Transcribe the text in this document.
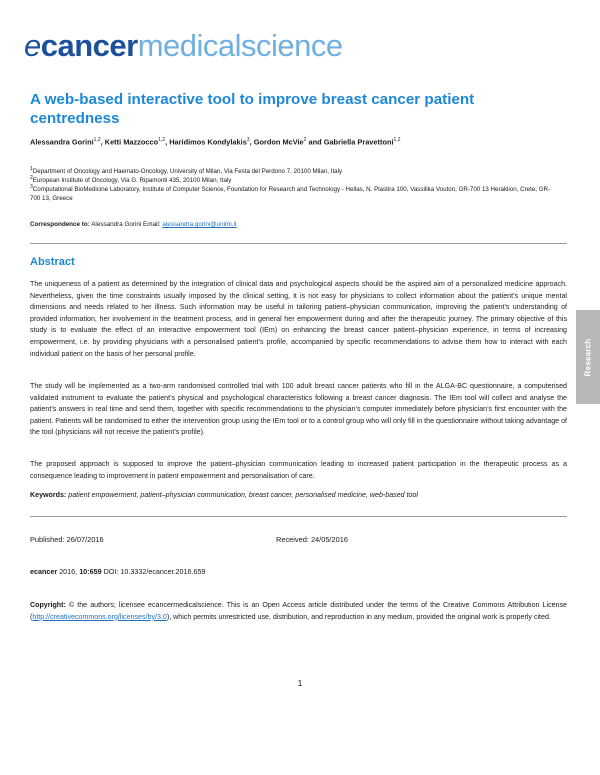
ecancermedicalscience
A web-based interactive tool to improve breast cancer patient centredness
Alessandra Gorini$^{1,2}$, Ketti Mazzocco$^{1,2}$, Haridimos Kondylakis$^3$, Gordon McVie$^2$ and Gabriella Pravettoni$^{1,2}$
$^1$Department of Oncology and Haemato-Oncology, University of Milan, Via Festa del Perdono 7, 20100 Milan, Italy
$^2$European Institute of Oncology, Via G. Ripamonti 435, 20100 Milan, Italy
$^3$Computational BioMedicine Laboratory, Institute of Computer Science, Foundation for Research and Technology - Hellas, N. Plastira 100, Vassilika Vouton, GR-700 13 Heraklion, Crete, GR-700 13, Greece
Correspondence to: Alessandra Gorini Email: alessandra.gorini@unimi.it
Abstract
The uniqueness of a patient as determined by the integration of clinical data and psychological aspects should be the aspired aim of a personalized medicine approach. Nevertheless, given the time constraints usually imposed by the clinical setting, it is not easy for physicians to collect information about the patient’s unique mental dimensions and needs related to her illness. Such information may be useful in tailoring patient–physician communication, improving the patient’s understanding of provided information, her involvement in the treatment process, and in general her empowerment during and after the therapeutic journey. The primary objective of this study is to evaluate the effect of an interactive empowerment tool (IEm) on enhancing the breast cancer patient–physician experience, in terms of increasing empowerment, i.e. by providing physicians with a personalised patient’s profile, accompanied by specific recommendations to advise them how to interact with each individual patient on the basis of her personal profile.
The study will be implemented as a two-arm randomised controlled trial with 100 adult breast cancer patients who fill in the ALGA-BC questionnaire, a computerised validated instrument to evaluate the patient’s physical and psychological characteristics following a breast cancer diagnosis. The IEm tool will collect and analyse the patient’s answers in real time and send them, together with specific recommendations to the physician’s computer immediately before physician’s first encounter with the patient. Patients will be randomised to either the intervention group using the IEm tool or to a control group who will only fill in the questionnaire without taking advantage of the tool (physicians will not receive the patient’s profile).
The proposed approach is supposed to improve the patient–physician communication leading to increased patient participation in the therapeutic process as a consequence leading to improvement in patient empowerment and personalisation of care.
Keywords: patient empowerment, patient–physician communication, breast cancer, personalised medicine, web-based tool
Published: 26/07/2016	Received: 24/05/2016
ecancer 2016, 10:659 DOI: 10.3332/ecancer.2016.659
Copyright: © the authors; licensee ecancermedicalscience. This is an Open Access article distributed under the terms of the Creative Commons Attribution License (http://creativecommons.org/licenses/by/3.0), which permits unrestricted use, distribution, and reproduction in any medium, provided the original work is properly cited.
1
Research
